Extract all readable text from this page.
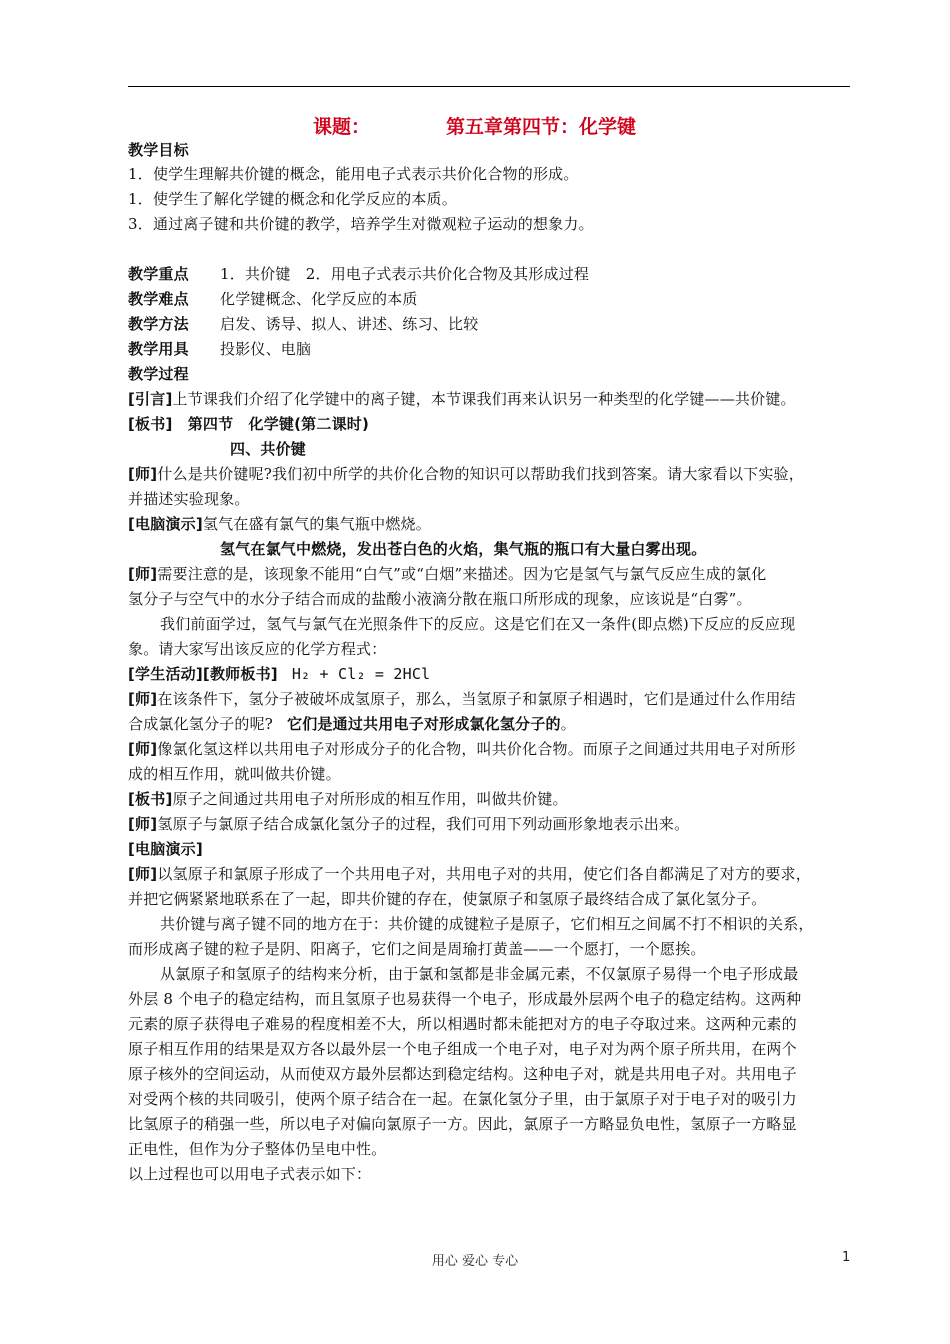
课题：	第五章第四节：化学键
教学目标
1．使学生理解共价键的概念，能用电子式表示共价化合物的形成。
1．使学生了解化学键的概念和化学反应的本质。
3．通过离子键和共价键的教学，培养学生对微观粒子运动的想象力。
教学重点 1．共价键　2．用电子式表示共价化合物及其形成过程
教学难点 化学键概念、化学反应的本质
教学方法 启发、诱导、拟人、讲述、练习、比较
教学用具 投影仪、电脑
教学过程
[引言]上节课我们介绍了化学键中的离子键，本节课我们再来认识另一种类型的化学键——共价键。
[板书]　第四节　化学键(第二课时)
四、共价键
[师]什么是共价键呢?我们初中所学的共价化合物的知识可以帮助我们找到答案。请大家看以下实验，
并描述实验现象。
[电脑演示]氢气在盛有氯气的集气瓶中燃烧。
氢气在氯气中燃烧，发出苍白色的火焰，集气瓶的瓶口有大量白雾出现。
[师]需要注意的是，该现象不能用“白气”或“白烟”来描述。因为它是氢气与氯气反应生成的氯化
氢分子与空气中的水分子结合而成的盐酸小液滴分散在瓶口所形成的现象，应该说是“白雾”。
我们前面学过，氢气与氯气在光照条件下的反应。这是它们在又一条件(即点燃)下反应的反应现
象。请大家写出该反应的化学方程式：
[学生活动][教师板书] H₂ + Cl₂ = 2HCl
[师]在该条件下，氢分子被破坏成氢原子，那么，当氢原子和氯原子相遇时，它们是通过什么作用结
合成氯化氢分子的呢? 它们是通过共用电子对形成氯化氢分子的。
[师]像氯化氢这样以共用电子对形成分子的化合物，叫共价化合物。而原子之间通过共用电子对所形
成的相互作用，就叫做共价键。
[板书]原子之间通过共用电子对所形成的相互作用，叫做共价键。
[师]氢原子与氯原子结合成氯化氢分子的过程，我们可用下列动画形象地表示出来。
[电脑演示]
[师]以氢原子和氯原子形成了一个共用电子对，共用电子对的共用，使它们各自都满足了对方的要求，
并把它俩紧紧地联系在了一起，即共价键的存在，使氯原子和氢原子最终结合成了氯化氢分子。
共价键与离子键不同的地方在于：共价键的成键粒子是原子，它们相互之间属不打不相识的关系，
而形成离子键的粒子是阴、阳离子，它们之间是周瑜打黄盖——一个愿打，一个愿挨。
从氯原子和氢原子的结构来分析，由于氯和氢都是非金属元素，不仅氯原子易得一个电子形成最
外层 8 个电子的稳定结构，而且氢原子也易获得一个电子，形成最外层两个电子的稳定结构。这两种
元素的原子获得电子难易的程度相差不大，所以相遇时都未能把对方的电子夺取过来。这两种元素的
原子相互作用的结果是双方各以最外层一个电子组成一个电子对，电子对为两个原子所共用，在两个
原子核外的空间运动，从而使双方最外层都达到稳定结构。这种电子对，就是共用电子对。共用电子
对受两个核的共同吸引，使两个原子结合在一起。在氯化氢分子里，由于氯原子对于电子对的吸引力
比氢原子的稍强一些，所以电子对偏向氯原子一方。因此，氯原子一方略显负电性，氢原子一方略显
正电性，但作为分子整体仍呈电中性。
以上过程也可以用电子式表示如下：
用心 爱心 专心	1
